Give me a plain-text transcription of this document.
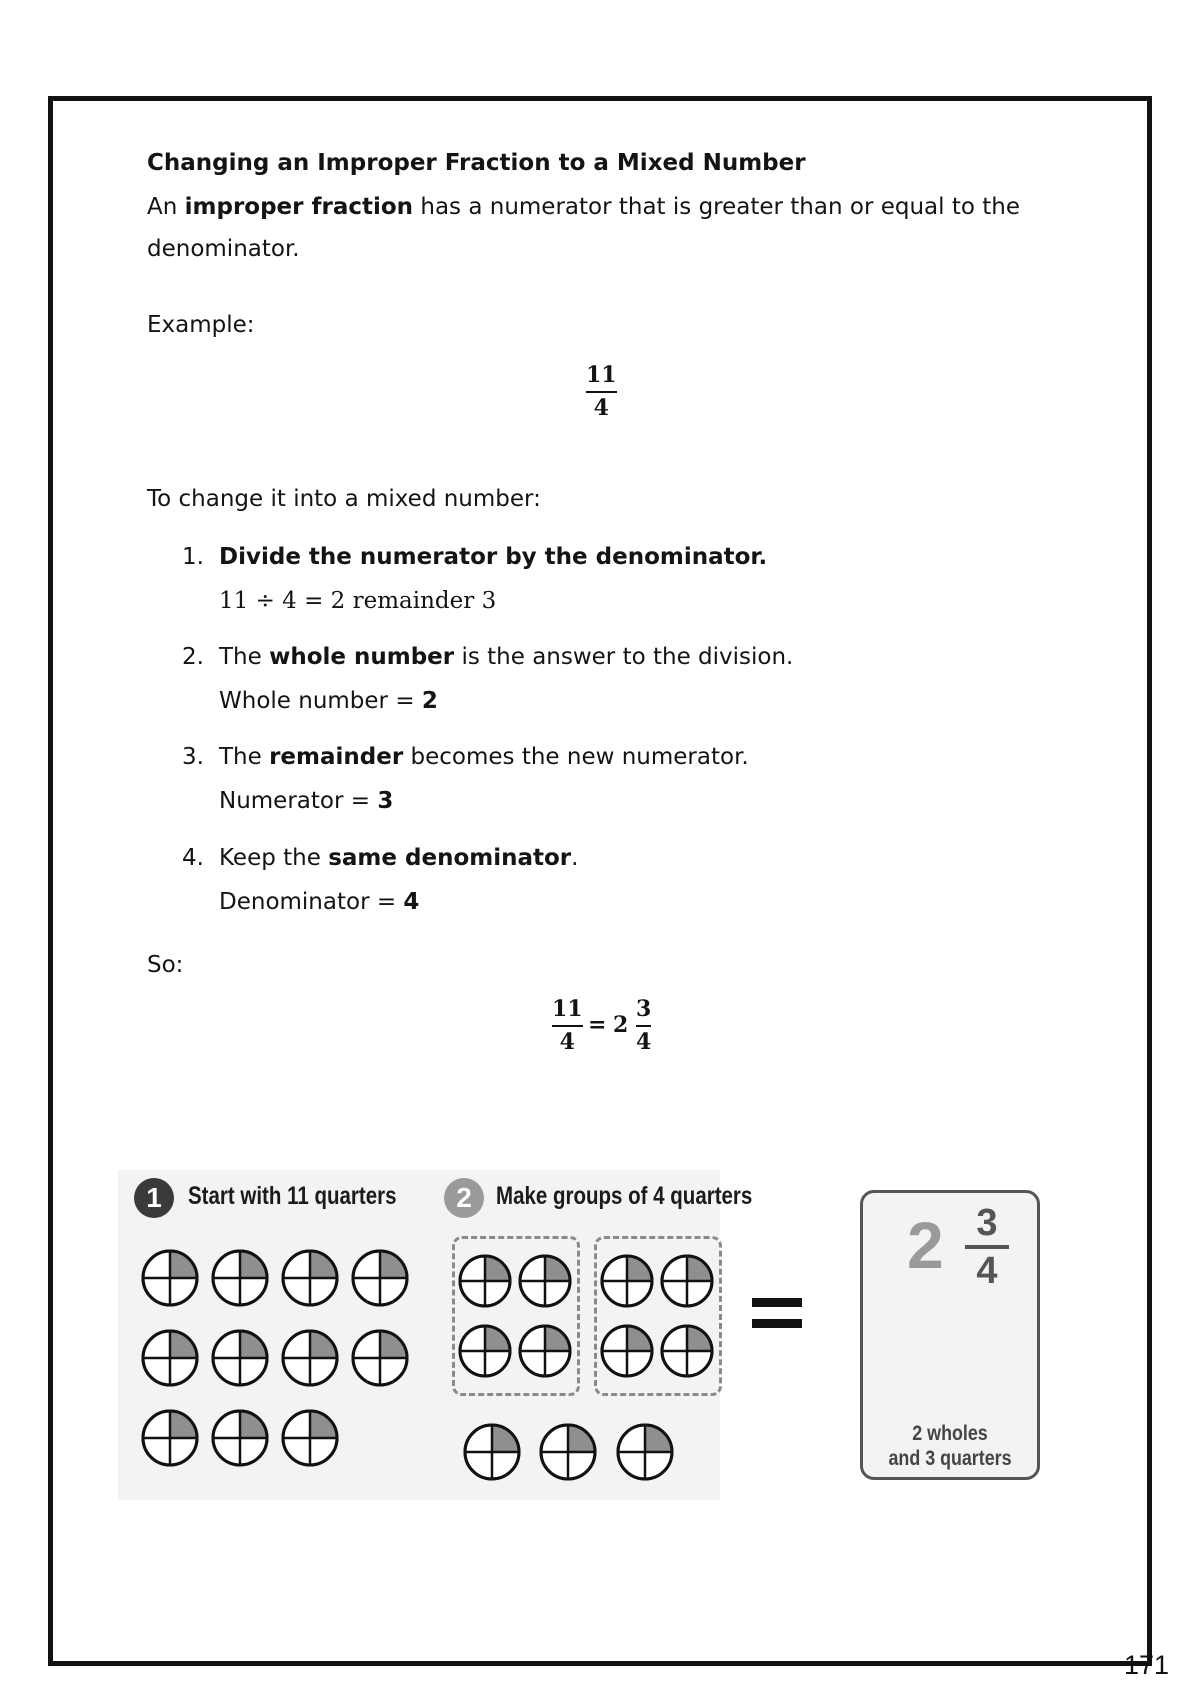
Changing an Improper Fraction to a Mixed Number
An improper fraction has a numerator that is greater than or equal to the
denominator.
Example:
11
4
To change it into a mixed number:
1. Divide the numerator by the denominator.
11 ÷ 4 = 2 remainder 3
2. The whole number is the answer to the division.
Whole number = 2
3. The remainder becomes the new numerator.
Numerator = 3
4. Keep the same denominator.
Denominator = 4
So:
11
4
= 2
3
4
1	Start with 11 quarters	2 Make groups of 4 quarters
2 3
4
2 wholes
and 3 quarters
171
